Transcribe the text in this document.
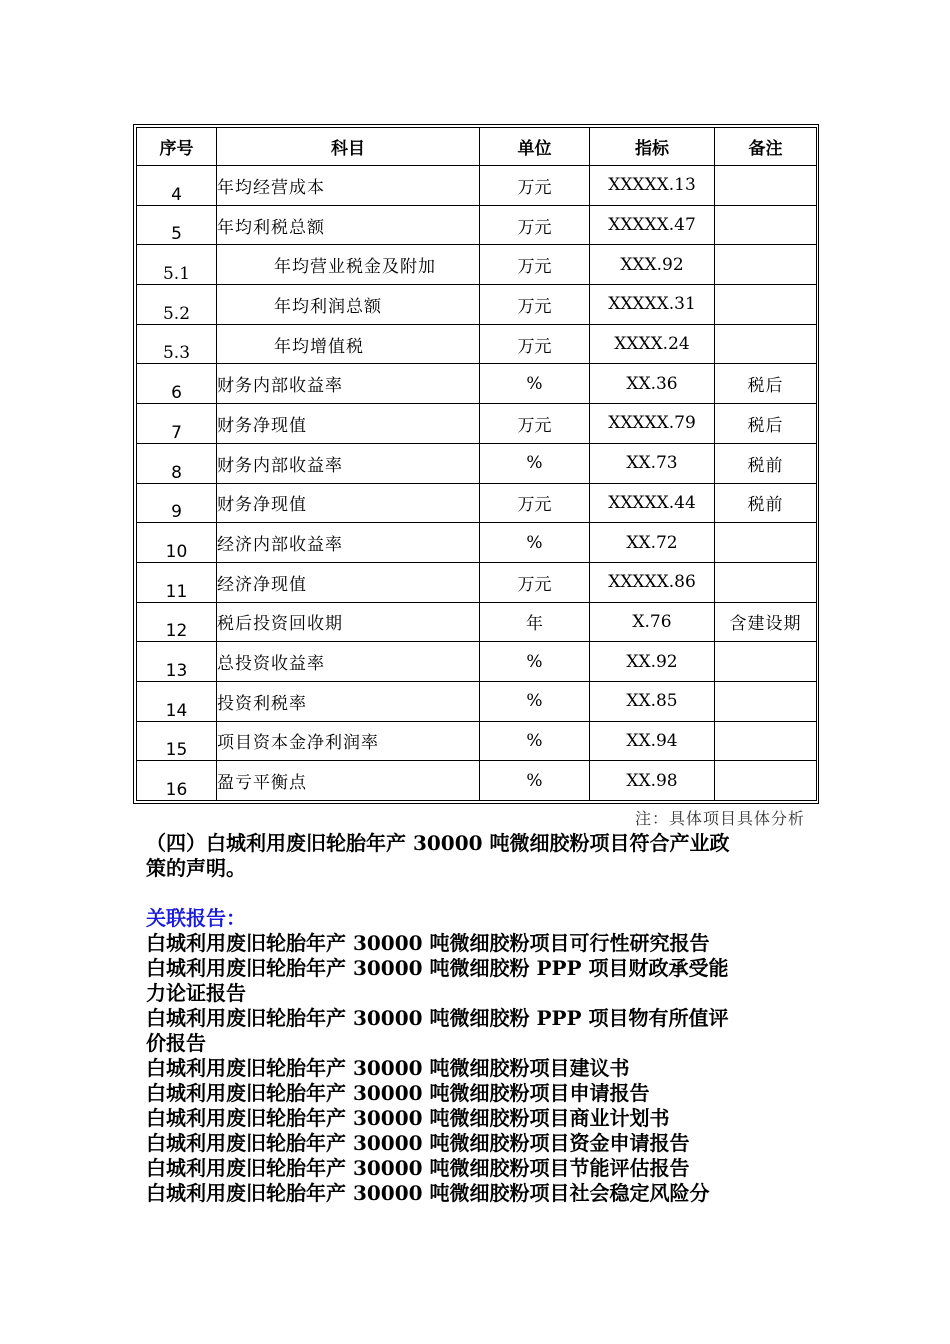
序号	科目	单位	指标	备注
4	年均经营成本	万元	XXXXX.13	
5	年均利税总额	万元	XXXXX.47	
5.1	年均营业税金及附加	万元	XXX.92	
5.2	年均利润总额	万元	XXXXX.31	
5.3	年均增值税	万元	XXXX.24	
6	财务内部收益率	%	XX.36	税后
7	财务净现值	万元	XXXXX.79	税后
8	财务内部收益率	%	XX.73	税前
9	财务净现值	万元	XXXXX.44	税前
10	经济内部收益率	%	XX.72	
11	经济净现值	万元	XXXXX.86	
12	税后投资回收期	年	X.76	含建设期
13	总投资收益率	%	XX.92	
14	投资利税率	%	XX.85	
15	项目资本金净利润率	%	XX.94	
16	盈亏平衡点	%	XX.98	
注：具体项目具体分析
（四）白城利用废旧轮胎年产 30000 吨微细胶粉项目符合产业政
策的声明。
关联报告：
白城利用废旧轮胎年产 30000 吨微细胶粉项目可行性研究报告
白城利用废旧轮胎年产 30000 吨微细胶粉 PPP 项目财政承受能
力论证报告
白城利用废旧轮胎年产 30000 吨微细胶粉 PPP 项目物有所值评
价报告
白城利用废旧轮胎年产 30000 吨微细胶粉项目建议书
白城利用废旧轮胎年产 30000 吨微细胶粉项目申请报告
白城利用废旧轮胎年产 30000 吨微细胶粉项目商业计划书
白城利用废旧轮胎年产 30000 吨微细胶粉项目资金申请报告
白城利用废旧轮胎年产 30000 吨微细胶粉项目节能评估报告
白城利用废旧轮胎年产 30000 吨微细胶粉项目社会稳定风险分
